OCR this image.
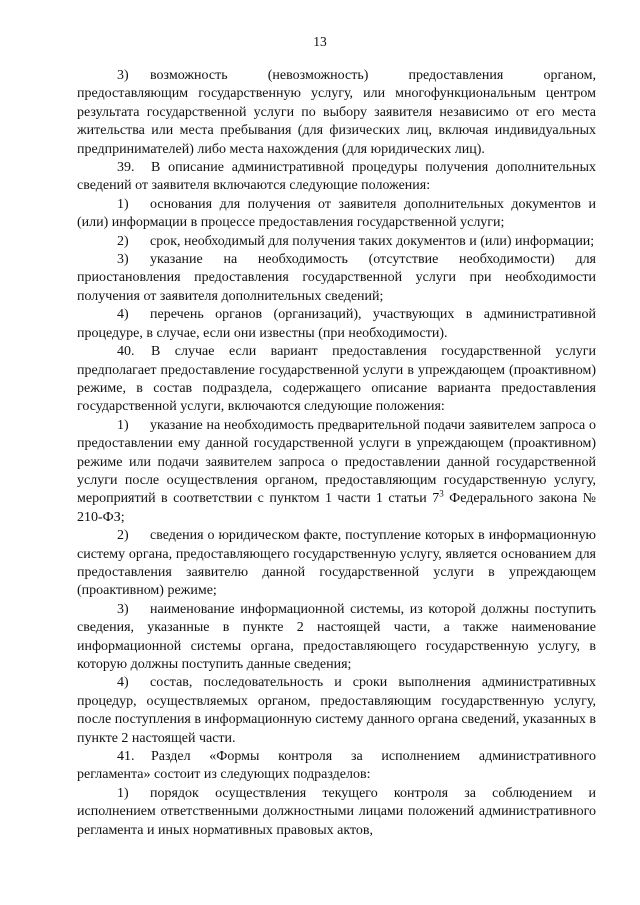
13

3) возможность (невозможность) предоставления органом, предоставляющим государственную услугу, или многофункциональным центром результата государственной услуги по выбору заявителя независимо от его места жительства или места пребывания (для физических лиц, включая индивидуальных предпринимателей) либо места нахождения (для юридических лиц).

39. В описание административной процедуры получения дополнительных сведений от заявителя включаются следующие положения:

1) основания для получения от заявителя дополнительных документов и (или) информации в процессе предоставления государственной услуги;

2) срок, необходимый для получения таких документов и (или) информации;

3) указание на необходимость (отсутствие необходимости) для приостановления предоставления государственной услуги при необходимости получения от заявителя дополнительных сведений;

4) перечень органов (организаций), участвующих в административной процедуре, в случае, если они известны (при необходимости).

40. В случае если вариант предоставления государственной услуги предполагает предоставление государственной услуги в упреждающем (проактивном) режиме, в состав подраздела, содержащего описание варианта предоставления государственной услуги, включаются следующие положения:

1) указание на необходимость предварительной подачи заявителем запроса о предоставлении ему данной государственной услуги в упреждающем (проактивном) режиме или подачи заявителем запроса о предоставлении данной государственной услуги после осуществления органом, предоставляющим государственную услугу, мероприятий в соответствии с пунктом 1 части 1 статьи $7^3$ Федерального закона № 210-ФЗ;

2) сведения о юридическом факте, поступление которых в информационную систему органа, предоставляющего государственную услугу, является основанием для предоставления заявителю данной государственной услуги в упреждающем (проактивном) режиме;

3) наименование информационной системы, из которой должны поступить сведения, указанные в пункте 2 настоящей части, а также наименование информационной системы органа, предоставляющего государственную услугу, в которую должны поступить данные сведения;

4) состав, последовательность и сроки выполнения административных процедур, осуществляемых органом, предоставляющим государственную услугу, после поступления в информационную систему данного органа сведений, указанных в пункте 2 настоящей части.

41. Раздел «Формы контроля за исполнением административного регламента» состоит из следующих подразделов:

1) порядок осуществления текущего контроля за соблюдением и исполнением ответственными должностными лицами положений административного регламента и иных нормативных правовых актов,
